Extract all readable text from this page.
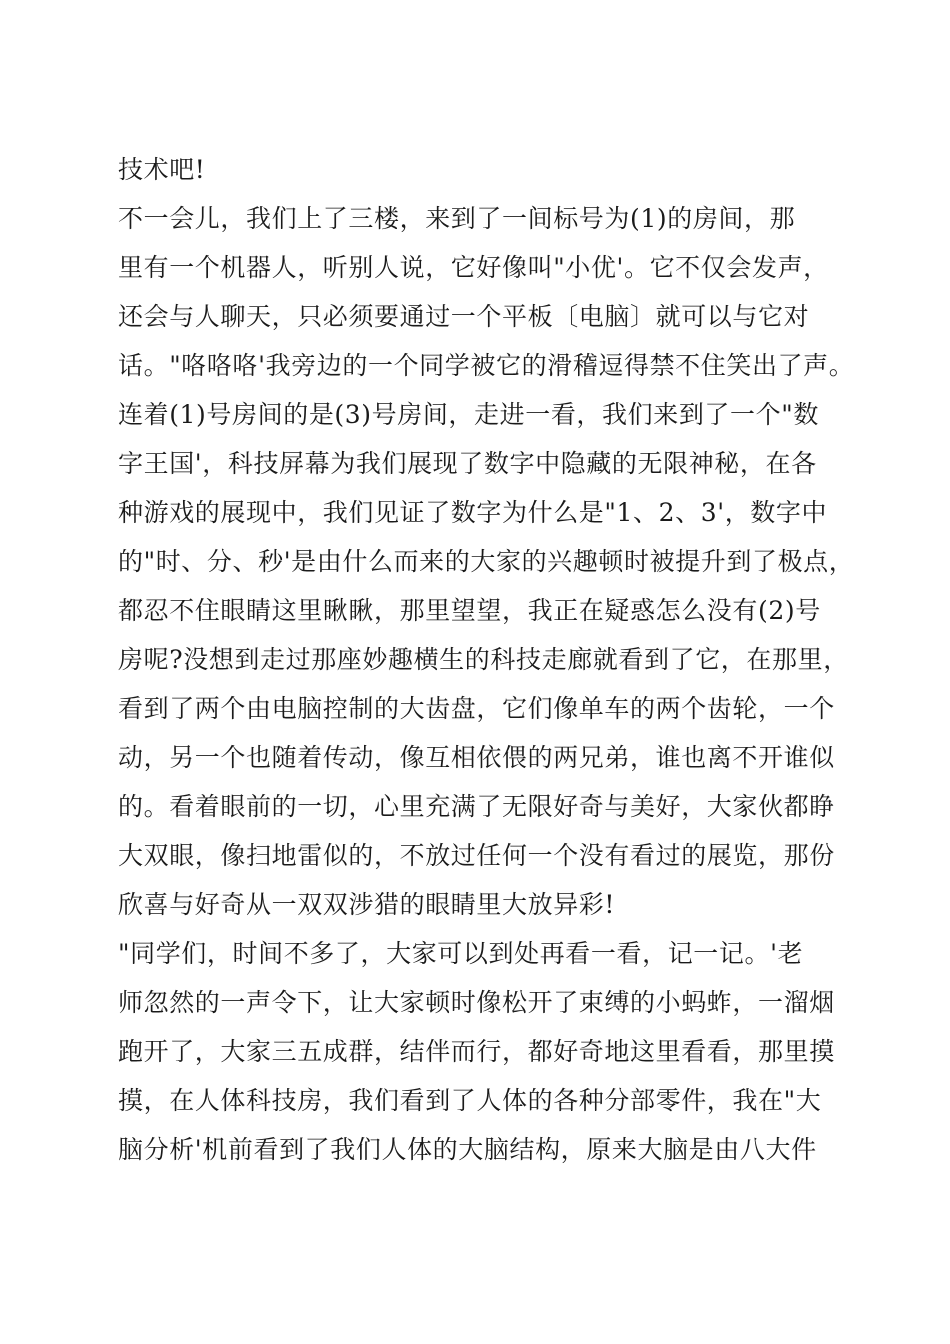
技术吧!
不一会儿，我们上了三楼，来到了一间标号为(1)的房间，那
里有一个机器人，听别人说，它好像叫"小优'。它不仅会发声，
还会与人聊天，只必须要通过一个平板〔电脑〕就可以与它对
话。"咯咯咯'我旁边的一个同学被它的滑稽逗得禁不住笑出了声。
连着(1)号房间的是(3)号房间，走进一看，我们来到了一个"数
字王国'，科技屏幕为我们展现了数字中隐藏的无限神秘，在各
种游戏的展现中，我们见证了数字为什么是"1、2、3'，数字中
的"时、分、秒'是由什么而来的大家的兴趣顿时被提升到了极点，
都忍不住眼睛这里瞅瞅，那里望望，我正在疑惑怎么没有(2)号
房呢?没想到走过那座妙趣横生的科技走廊就看到了它，在那里，
看到了两个由电脑控制的大齿盘，它们像单车的两个齿轮，一个
动，另一个也随着传动，像互相依偎的两兄弟，谁也离不开谁似
的。看着眼前的一切，心里充满了无限好奇与美好，大家伙都睁
大双眼，像扫地雷似的，不放过任何一个没有看过的展览，那份
欣喜与好奇从一双双涉猎的眼睛里大放异彩!
"同学们，时间不多了，大家可以到处再看一看，记一记。'老
师忽然的一声令下，让大家顿时像松开了束缚的小蚂蚱，一溜烟
跑开了，大家三五成群，结伴而行，都好奇地这里看看，那里摸
摸，在人体科技房，我们看到了人体的各种分部零件，我在"大
脑分析'机前看到了我们人体的大脑结构，原来大脑是由八大件
